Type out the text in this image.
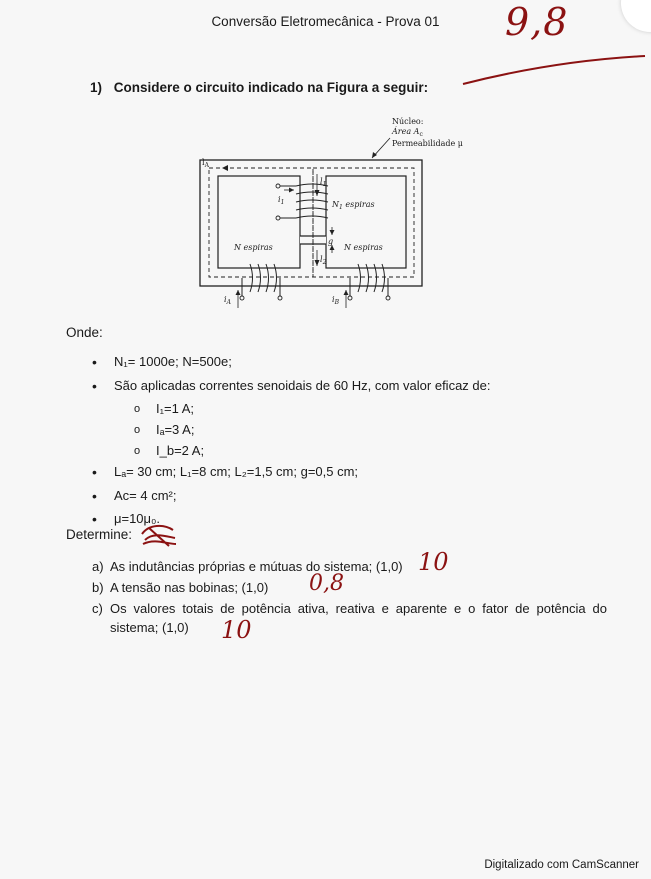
Conversão Eletromecânica - Prova 01	9,8
1) Considere o circuito indicado na Figura a seguir:
$l_A$
Núcleo:
Área $A_c$
Permeabilidade μ
$l_1$
$i_1$	$N_1$ espiras
g
$l_2$
N espiras
$i_A$
N espiras
$i_B$
Onde:
•	N₁= 1000e; N=500e;
•	São aplicadas correntes senoidais de 60 Hz, com valor eficaz de:
o	I₁=1 A;
o	Iₐ=3 A;
o	I_b=2 A;
•	Lₐ= 30 cm; L₁=8 cm; L₂=1,5 cm; g=0,5 cm;
•	Ac= 4 cm²;
•	μ=10μ₀.
Determine:
a) As indutâncias próprias e mútuas do sistema; (1,0)
b) A tensão nas bobinas; (1,0)
c) Os valores totais de potência ativa, reativa e aparente e o fator de potência do sistema; (1,0)
10
0,8
10
Digitalizado com CamScanner
